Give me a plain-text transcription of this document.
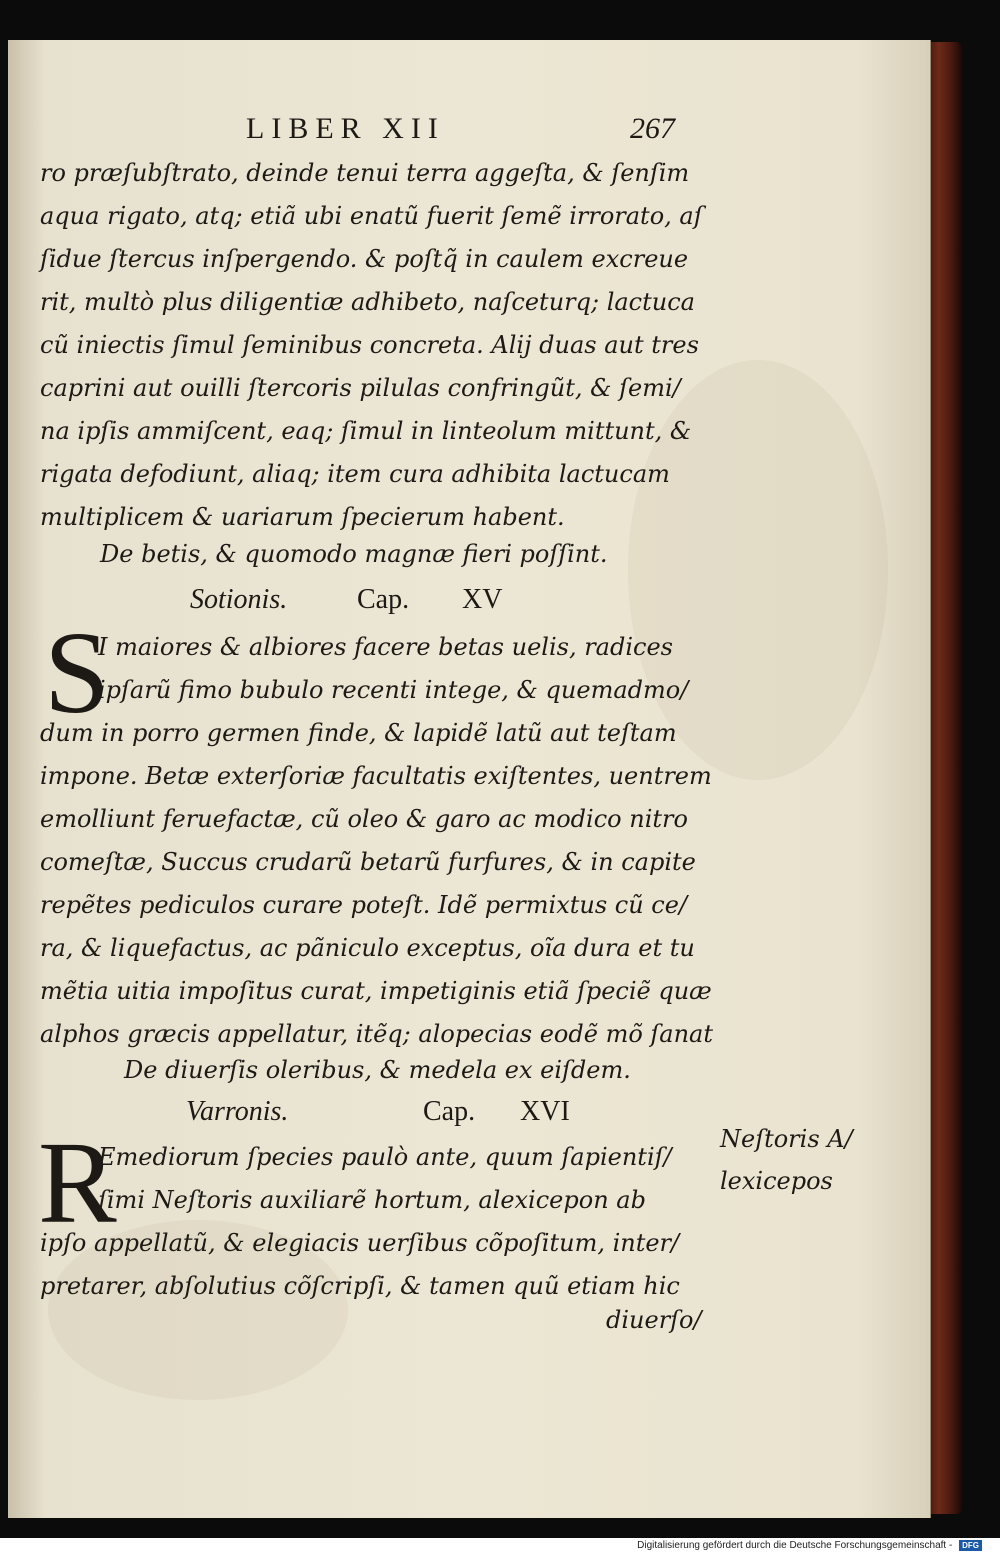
LIBER XII	267
ro præſubſtrato, deinde tenui terra aggeſta, & ſenſim
aqua rigato, atq; etiã ubi enatũ fuerit ſemẽ irrorato, aſ
ſidue ſtercus inſpergendo. & poſtq̃ in caulem excreue
rit, multò plus diligentiæ adhibeto, naſceturq; lactuca
cũ iniectis ſimul ſeminibus concreta. Alij duas aut tres
caprini aut ouilli ſtercoris pilulas confringũt, & ſemi/
na ipſis ammiſcent, eaq; ſimul in linteolum mittunt, &
rigata defodiunt, aliaq; item cura adhibita lactucam
multiplicem & uariarum ſpecierum habent.
De betis, & quomodo magnæ fieri poſſint.
Sotionis. Cap. XV
S
I maiores & albiores facere betas uelis, radices
ipſarũ fimo bubulo recenti intege, & quemadmo/
dum in porro germen finde, & lapidẽ latũ aut teſtam
impone. Betæ exterſoriæ facultatis exiſtentes, uentrem
emolliunt feruefactæ, cũ oleo & garo ac modico nitro
comeſtæ, Succus crudarũ betarũ furfures, & in capite
repẽtes pediculos curare poteſt. Idẽ permixtus cũ ce/
ra, & liquefactus, ac pãniculo exceptus, oĩa dura et tu
mẽtia uitia impoſitus curat, impetiginis etiã ſpeciẽ quæ
alphos græcis appellatur, itẽq; alopecias eodẽ mõ ſanat
De diuerſis oleribus, & medela ex eiſdem.
Varronis.	Cap. XVI
R
Emediorum ſpecies paulò ante, quum ſapientiſ/
ſimi Neſtoris auxiliarẽ hortum, alexicepon ab
ipſo appellatũ, & elegiacis uerſibus cõpoſitum, inter/
pretarer, abſolutius cõſcripſi, & tamen quũ etiam hic
diuerſo/
Neſtoris A/
lexicepos
Digitalisierung gefördert durch die Deutsche Forschungsgemeinschaft - DFG
